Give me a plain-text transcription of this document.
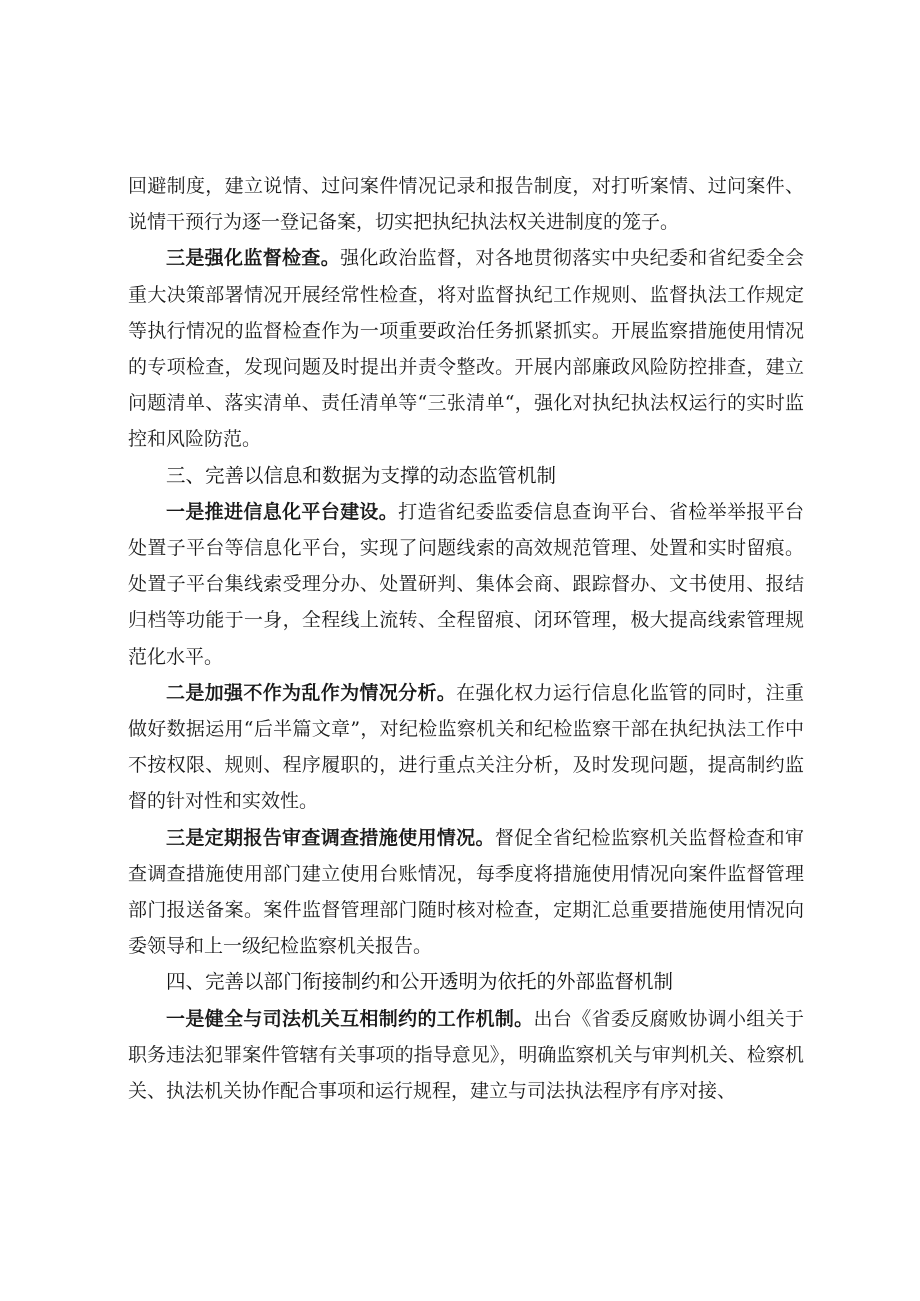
回避制度，建立说情、过问案件情况记录和报告制度，对打听案情、过问案件、说情干预行为逐一登记备案，切实把执纪执法权关进制度的笼子。

三是强化监督检查。强化政治监督，对各地贯彻落实中央纪委和省纪委全会重大决策部署情况开展经常性检查，将对监督执纪工作规则、监督执法工作规定等执行情况的监督检查作为一项重要政治任务抓紧抓实。开展监察措施使用情况的专项检查，发现问题及时提出并责令整改。开展内部廉政风险防控排查，建立问题清单、落实清单、责任清单等“三张清单“，强化对执纪执法权运行的实时监控和风险防范。

三、完善以信息和数据为支撑的动态监管机制

一是推进信息化平台建设。打造省纪委监委信息查询平台、省检举举报平台处置子平台等信息化平台，实现了问题线索的高效规范管理、处置和实时留痕。处置子平台集线索受理分办、处置研判、集体会商、跟踪督办、文书使用、报结归档等功能于一身，全程线上流转、全程留痕、闭环管理，极大提高线索管理规范化水平。

二是加强不作为乱作为情况分析。在强化权力运行信息化监管的同时，注重做好数据运用“后半篇文章”，对纪检监察机关和纪检监察干部在执纪执法工作中不按权限、规则、程序履职的，进行重点关注分析，及时发现问题，提高制约监督的针对性和实效性。

三是定期报告审查调查措施使用情况。督促全省纪检监察机关监督检查和审查调查措施使用部门建立使用台账情况，每季度将措施使用情况向案件监督管理部门报送备案。案件监督管理部门随时核对检查，定期汇总重要措施使用情况向委领导和上一级纪检监察机关报告。

四、完善以部门衔接制约和公开透明为依托的外部监督机制

一是健全与司法机关互相制约的工作机制。出台《省委反腐败协调小组关于职务违法犯罪案件管辖有关事项的指导意见》，明确监察机关与审判机关、检察机关、执法机关协作配合事项和运行规程，建立与司法执法程序有序对接、
